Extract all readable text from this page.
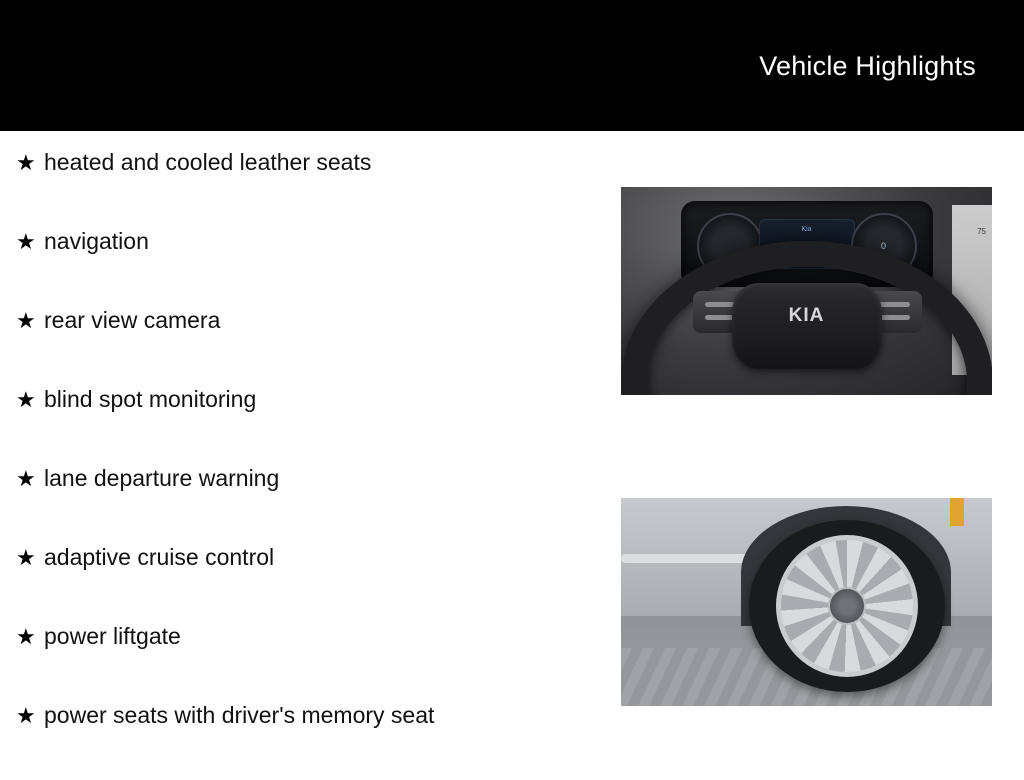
Vehicle Highlights
★ heated and cooled leather seats
★ navigation
★ rear view camera
★ blind spot monitoring
★ lane departure warning
★ adaptive cruise control
★ power liftgate
★ power seats with driver's memory seat
Kia
0
75
KIA
